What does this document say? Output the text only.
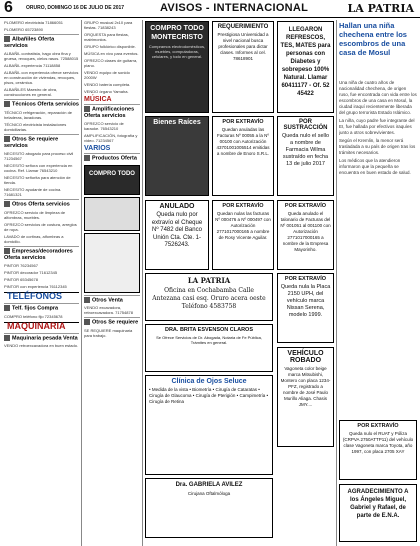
6	ORURO, DOMINGO 16 DE JULIO DE 2017	AVISOS - INTERNACIONAL	LA PATRIA

PLOMERO electricista 71866051

PLOMERO 65723890

Albañiles Oferta servicios

ALBAÑIL contratista, hago obra fina y gruesa, revoques, cielos rasos. 72588015

ALBAÑIL experiencia 71118858

ALBAÑIL con experiencia ofrece servicios en construcción de viviendas, revoques, pisos, cerámica.

ALBAÑILES Maestro de obra, construcciones en general.

Técnicos Oferta servicios

TÉCNICO refrigeración, reparación de heladeras, lavadoras.

TÉCNICO electricista instalaciones domiciliarias.

Otros Se requiere servicios

NECESITO abogado para proceso civil 71234567

NECESITO señora con experiencia en cocina. Ref. Llamar 76543210

NECESITO señorita para atención de tienda.

NECESITO ayudante de cocina. 71681321

Otros Oferta servicios

OFREZCO servicio de limpieza de alfombras, muebles.

OFREZCO servicios de costura, arreglos de ropa.

LAVADO de cortinas, alfombras a domicilio.

Empresas/decoradores Oferta servicios

PINTOR 76234567

PINTOR decorador 71612345

PINTOR 65345678

PINTOR con experiencia 76112345

TELÉFONOS
Telf. fijos Compra

COMPRO teléfono fijo 72345678

MAQUINARIA
Maquinaria pesada Venta

VENDO retroexcavadora en buen estado.

GRUPO musical 2x10 para fiestas. 71838243

ORQUESTA para fiestas, matrimonios.

GRUPO folklórico disponible.

MÚSICA en vivo para eventos.

OFREZCO clases de guitarra, piano.

VENDO equipo de sonido 2000W

VENDO batería completa.

VENDO órgano Yamaha.

MÚSICA
Amplificaciones Oferta servicios

OFREZCO servicio de karaoke. 76543210

AMPLIFICACIÓN, fotografía y video. 71234567

VARIOS
Productos Oferta
COMPRO TODO
Otros Venta

VENDO excavadora, retroexcavadora. 71754878

Otros Se requiere

SE REQUIERE maquinaria para trabajo.

COMPRO TODO MONTECRISTO
Compramos electrodomésticos, muebles, computadoras, celulares, y todo en general.
REQUERIMIENTO
Prestigiosa Universidad a nivel nacional busca profesionales para dictar clases. Informes al cel. 78618901
LLEGARON REFRESCOS, TES, MATES para personas con Diabetes y sobrepeso 100% Natural. Llamar 60411177 - Of. 52 45422
Bienes Raíces	POR EXTRAVÍO
Quedan anuladas las Facturas Nº 00055 a la Nº 00100 con Autorización 43701001005514 emitidas a nombre de Enoro S.R.L.
POR SUSTRACCIÓN
Queda nulo el sello a nombre de Farmacia Wilma sustraído en fecha 13 de julio 2017
ANULADO
Queda nulo por extravío el Cheque Nº 7482 del Banco Unión Cta. Cte. 1-7526243.
POR EXTRAVÍO
Quedan nulas las facturas Nº 000476 a Nº 000497 con Autorización 2771017000165 a nombre de Rosy Vicente Aguilar.
POR EXTRAVÍO
Queda anulado el talonario de Facturas del Nº 001051 al 001100 con Autorización 2771017000165 a nombre de la Empresa Mayorinho.
LA PATRIA
Oficina en Cochabamba Calle Antezana casi esq. Oruro acera oeste Teléfono 4583758
DRA. BRITA ESVENSON CLAROS
Se Ofrece Servicios de Dr. Abogada, Notaria de Fe Pública, Trámites en general.
POR EXTRAVÍO
Queda nula la Placa 2150 UPH, del vehículo marca Nissan Serena, modelo 1999.
VEHÍCULO ROBADO
Vagoneta color beige marca Mitsubishi, Montero con placa 1234-PFZ, registrado a nombre de José Paulo Murillo Aliaga. Chasis JMY....
Clínica de Ojos Seluce
• Medida de la vista • Biometría • Cirugía de Cataratas • Cirugía de Glaucoma • Cirugía de Pterigión • Campimetría • Cirugía de Retina
Dra. GABRIELA AVILEZ
Cirujana Oftalmóloga
Hallan una niña chechena entre los escombros de una casa de Mosul

Una niña de cuatro años de nacionalidad chechena, de origen ruso, fue encontrada con vida entre los escombros de una casa en Mosul, la ciudad iraquí recientemente liberada del grupo terrorista Estado Islámico.

La niña, cuyo padre fue integrante del EI, fue hallada por efectivos iraquíes junto a otros sobrevivientes.

Según el Kremlin, la menor será trasladada a su país de origen tras los trámites necesarios.

Los médicos que la atendieron informaron que la pequeña se encuentra en buen estado de salud.

POR EXTRAVÍO
Queda nulo el RUAT y Póliza (CRPVA 2750ATTP11) del vehículo clase Vagoneta marca Toyota, año 1997, con placa 2705 XAY
AGRADECIMIENTO A los Ángeles Miguel, Gabriel y Rafael, de parte de E.N.A.
